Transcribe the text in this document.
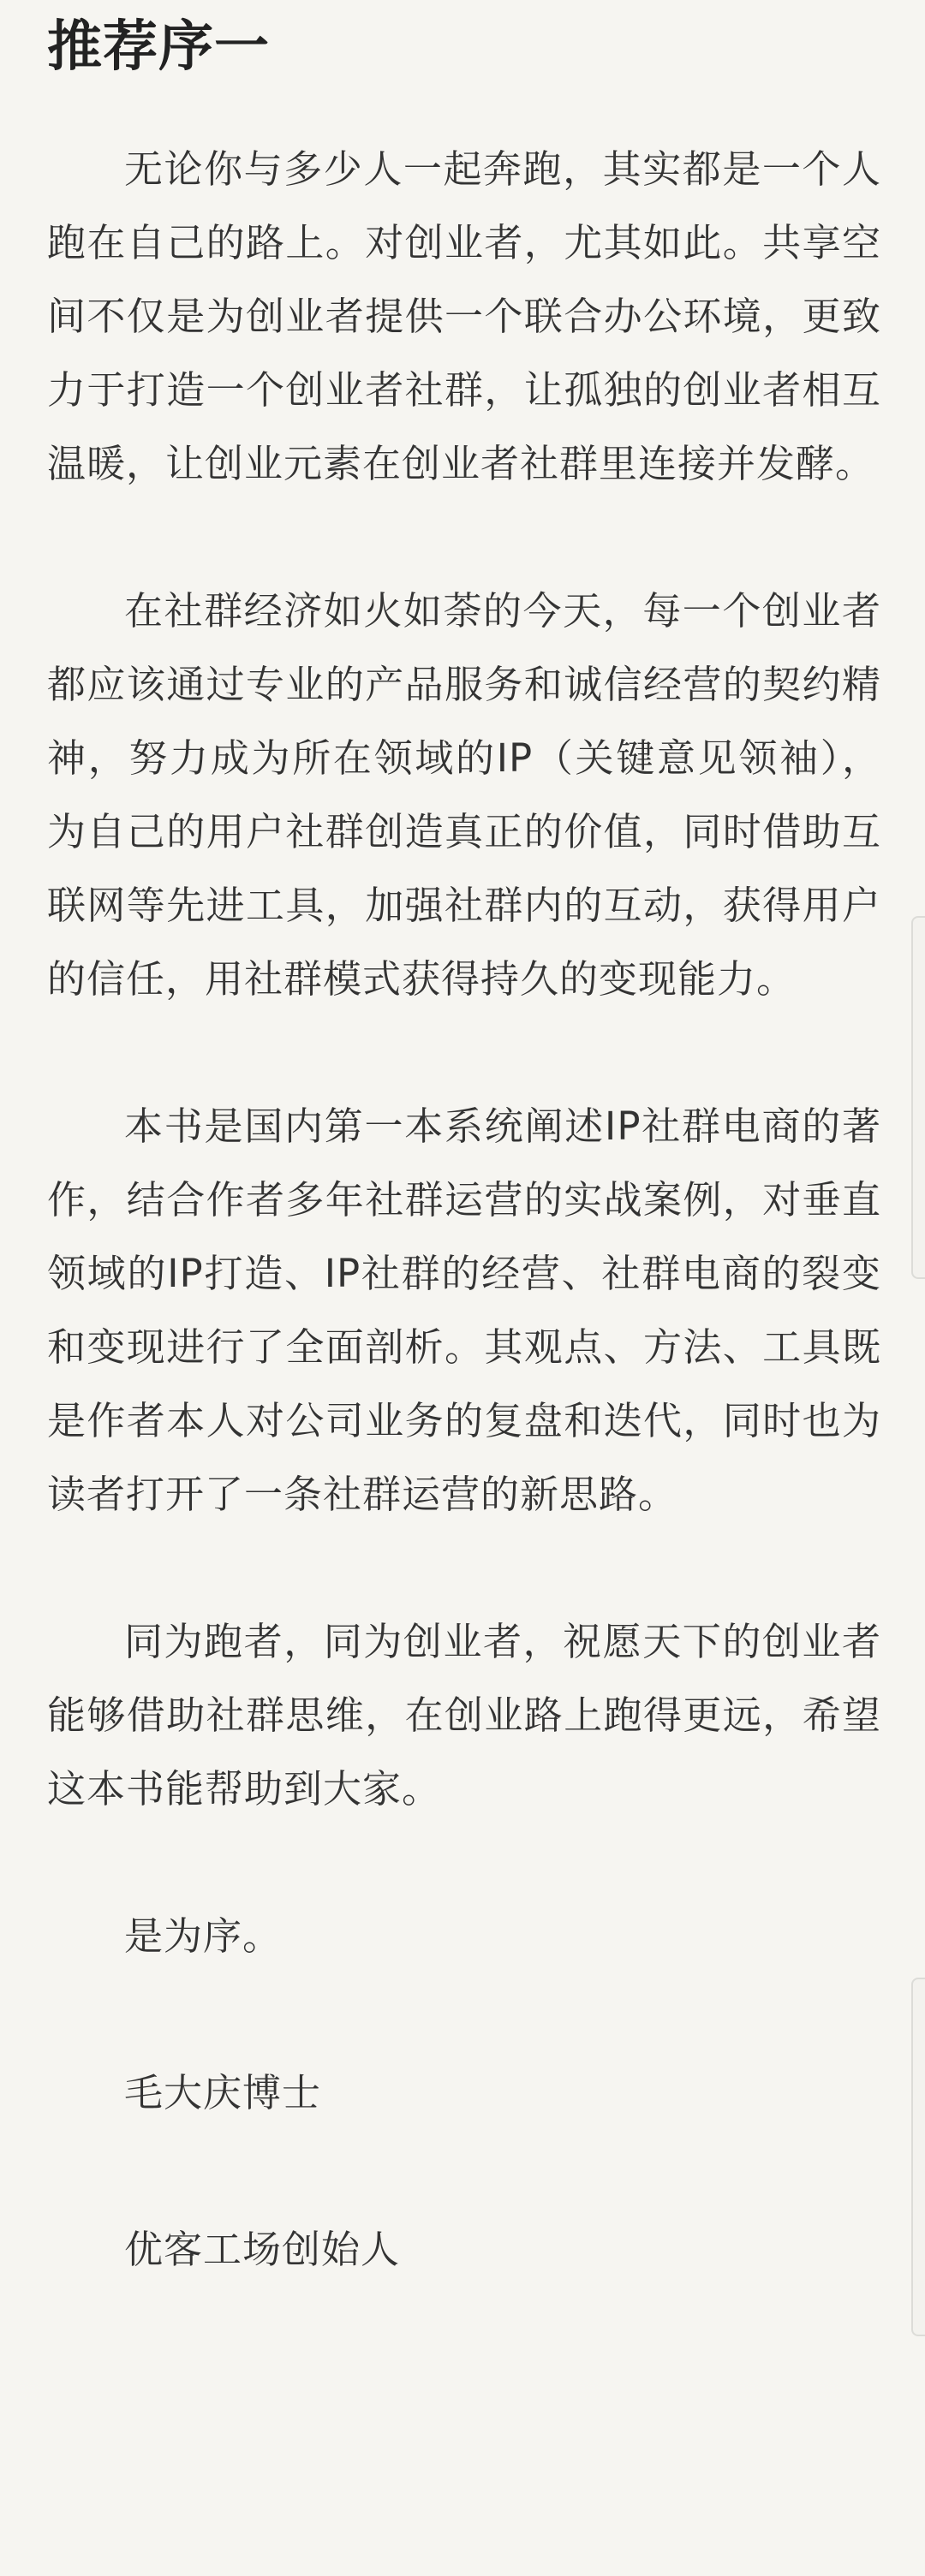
推荐序一

无论你与多少人一起奔跑，其实都是一个人跑在自己的路上。对创业者，尤其如此。共享空间不仅是为创业者提供一个联合办公环境，更致力于打造一个创业者社群，让孤独的创业者相互温暖，让创业元素在创业者社群里连接并发酵。

在社群经济如火如荼的今天，每一个创业者都应该通过专业的产品服务和诚信经营的契约精神，努力成为所在领域的IP（关键意见领袖），为自己的用户社群创造真正的价值，同时借助互联网等先进工具，加强社群内的互动，获得用户的信任，用社群模式获得持久的变现能力。

本书是国内第一本系统阐述IP社群电商的著作，结合作者多年社群运营的实战案例，对垂直领域的IP打造、IP社群的经营、社群电商的裂变和变现进行了全面剖析。其观点、方法、工具既是作者本人对公司业务的复盘和迭代，同时也为读者打开了一条社群运营的新思路。

同为跑者，同为创业者，祝愿天下的创业者能够借助社群思维，在创业路上跑得更远，希望这本书能帮助到大家。

是为序。

毛大庆博士

优客工场创始人
